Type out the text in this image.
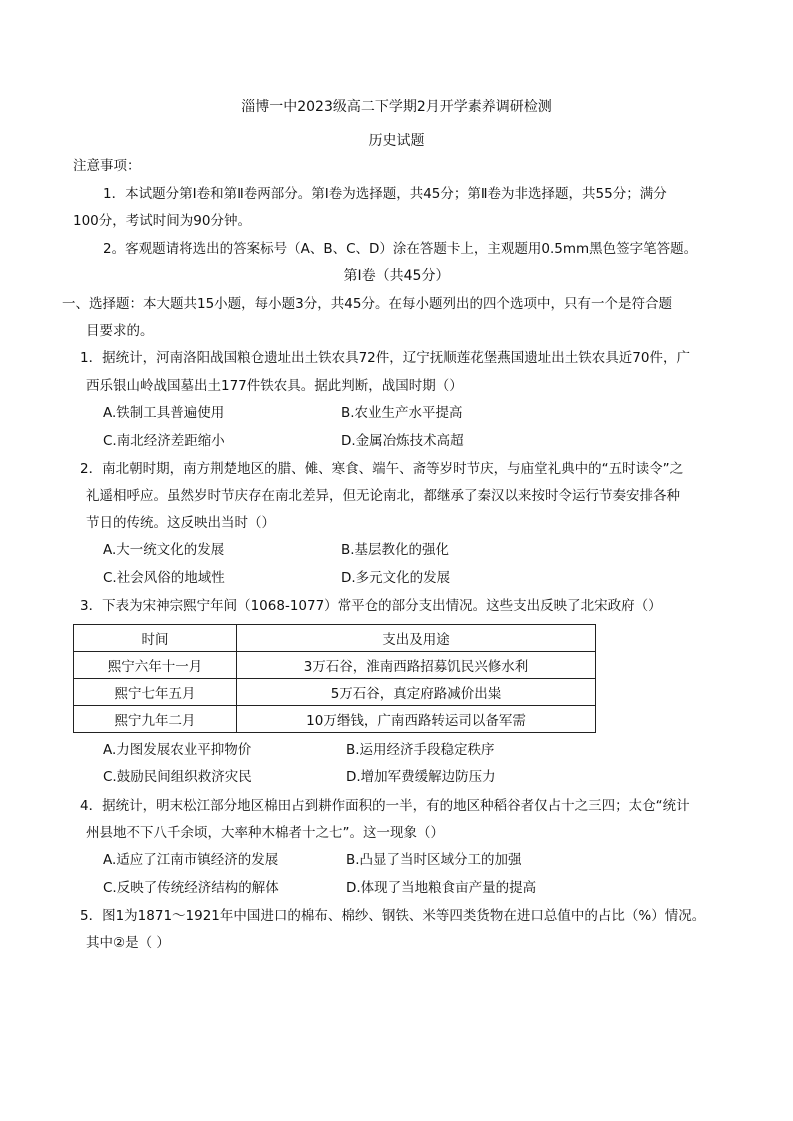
淄博一中2023级高二下学期2月开学素养调研检测
历史试题
注意事项：
1．本试题分第Ⅰ卷和第Ⅱ卷两部分。第Ⅰ卷为选择题，共45分；第Ⅱ卷为非选择题，共55分；满分
100分，考试时间为90分钟。
2。客观题请将选出的答案标号（A、B、C、D）涂在答题卡上，主观题用0.5mm黑色签字笔答题。
第Ⅰ卷（共45分）
一、选择题：本大题共15小题，每小题3分，共45分。在每小题列出的四个选项中，只有一个是符合题
目要求的。
1．据统计，河南洛阳战国粮仓遗址出土铁农具72件，辽宁抚顺莲花堡燕国遗址出土铁农具近70件，广
西乐银山岭战国墓出土177件铁农具。据此判断，战国时期（）
A.铁制工具普遍使用	B.农业生产水平提高
C.南北经济差距缩小	D.金属冶炼技术高超
2．南北朝时期，南方荆楚地区的腊、傩、寒食、端午、斋等岁时节庆，与庙堂礼典中的“五时读令”之
礼遥相呼应。虽然岁时节庆存在南北差异，但无论南北，都继承了秦汉以来按时令运行节奏安排各种
节日的传统。这反映出当时（）
A.大一统文化的发展	B.基层教化的强化
C.社会风俗的地域性	D.多元文化的发展
3．下表为宋神宗熙宁年间（1068-1077）常平仓的部分支出情况。这些支出反映了北宋政府（）
时间	支出及用途
熙宁六年十一月	3万石谷，淮南西路招募饥民兴修水利
熙宁七年五月	5万石谷，真定府路减价出粜
熙宁九年二月	10万缗钱，广南西路转运司以备军需
A.力图发展农业平抑物价	B.运用经济手段稳定秩序
C.鼓励民间组织救济灾民	D.增加军费缓解边防压力
4．据统计，明末松江部分地区棉田占到耕作面积的一半，有的地区种稻谷者仅占十之三四；太仓“统计
州县地不下八千余顷，大率种木棉者十之七”。这一现象（）
A.适应了江南市镇经济的发展	B.凸显了当时区域分工的加强
C.反映了传统经济结构的解体	D.体现了当地粮食亩产量的提高
5．图1为1871～1921年中国进口的棉布、棉纱、钢铁、米等四类货物在进口总值中的占比（%）情况。
其中②是（ ）
